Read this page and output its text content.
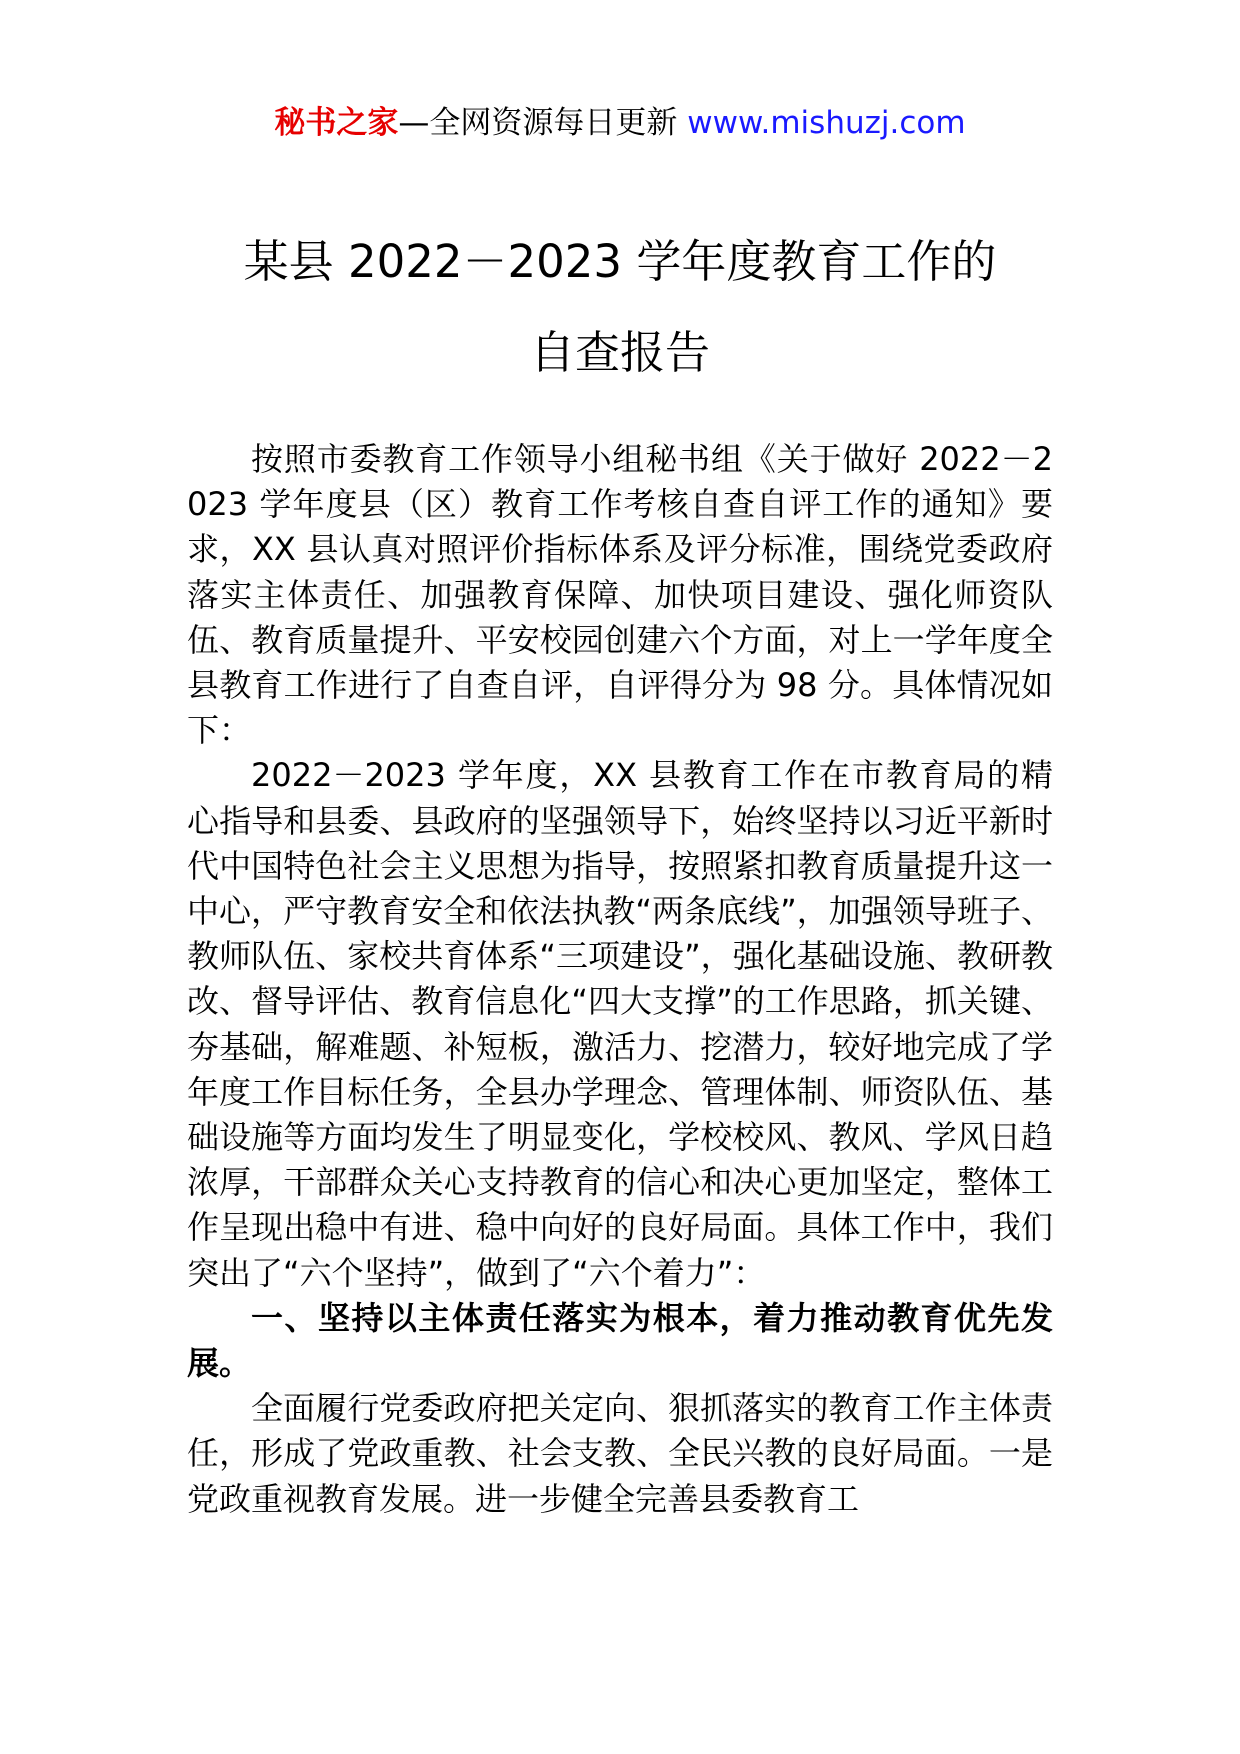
秘书之家—全网资源每日更新 www.mishuzj.com
某县 2022－2023 学年度教育工作的
自查报告

按照市委教育工作领导小组秘书组《关于做好 2022－2023 学年度县（区）教育工作考核自查自评工作的通知》要求，XX 县认真对照评价指标体系及评分标准，围绕党委政府落实主体责任、加强教育保障、加快项目建设、强化师资队伍、教育质量提升、平安校园创建六个方面，对上一学年度全县教育工作进行了自查自评，自评得分为 98 分。具体情况如下：

2022－2023 学年度，XX 县教育工作在市教育局的精心指导和县委、县政府的坚强领导下，始终坚持以习近平新时代中国特色社会主义思想为指导，按照紧扣教育质量提升这一中心，严守教育安全和依法执教“两条底线”，加强领导班子、教师队伍、家校共育体系“三项建设”，强化基础设施、教研教改、督导评估、教育信息化“四大支撑”的工作思路，抓关键、夯基础，解难题、补短板，激活力、挖潜力，较好地完成了学年度工作目标任务，全县办学理念、管理体制、师资队伍、基础设施等方面均发生了明显变化，学校校风、教风、学风日趋浓厚，干部群众关心支持教育的信心和决心更加坚定，整体工作呈现出稳中有进、稳中向好的良好局面。具体工作中，我们突出了“六个坚持”，做到了“六个着力”：

一、坚持以主体责任落实为根本，着力推动教育优先发展。

全面履行党委政府把关定向、狠抓落实的教育工作主体责任，形成了党政重教、社会支教、全民兴教的良好局面。一是党政重视教育发展。进一步健全完善县委教育工
